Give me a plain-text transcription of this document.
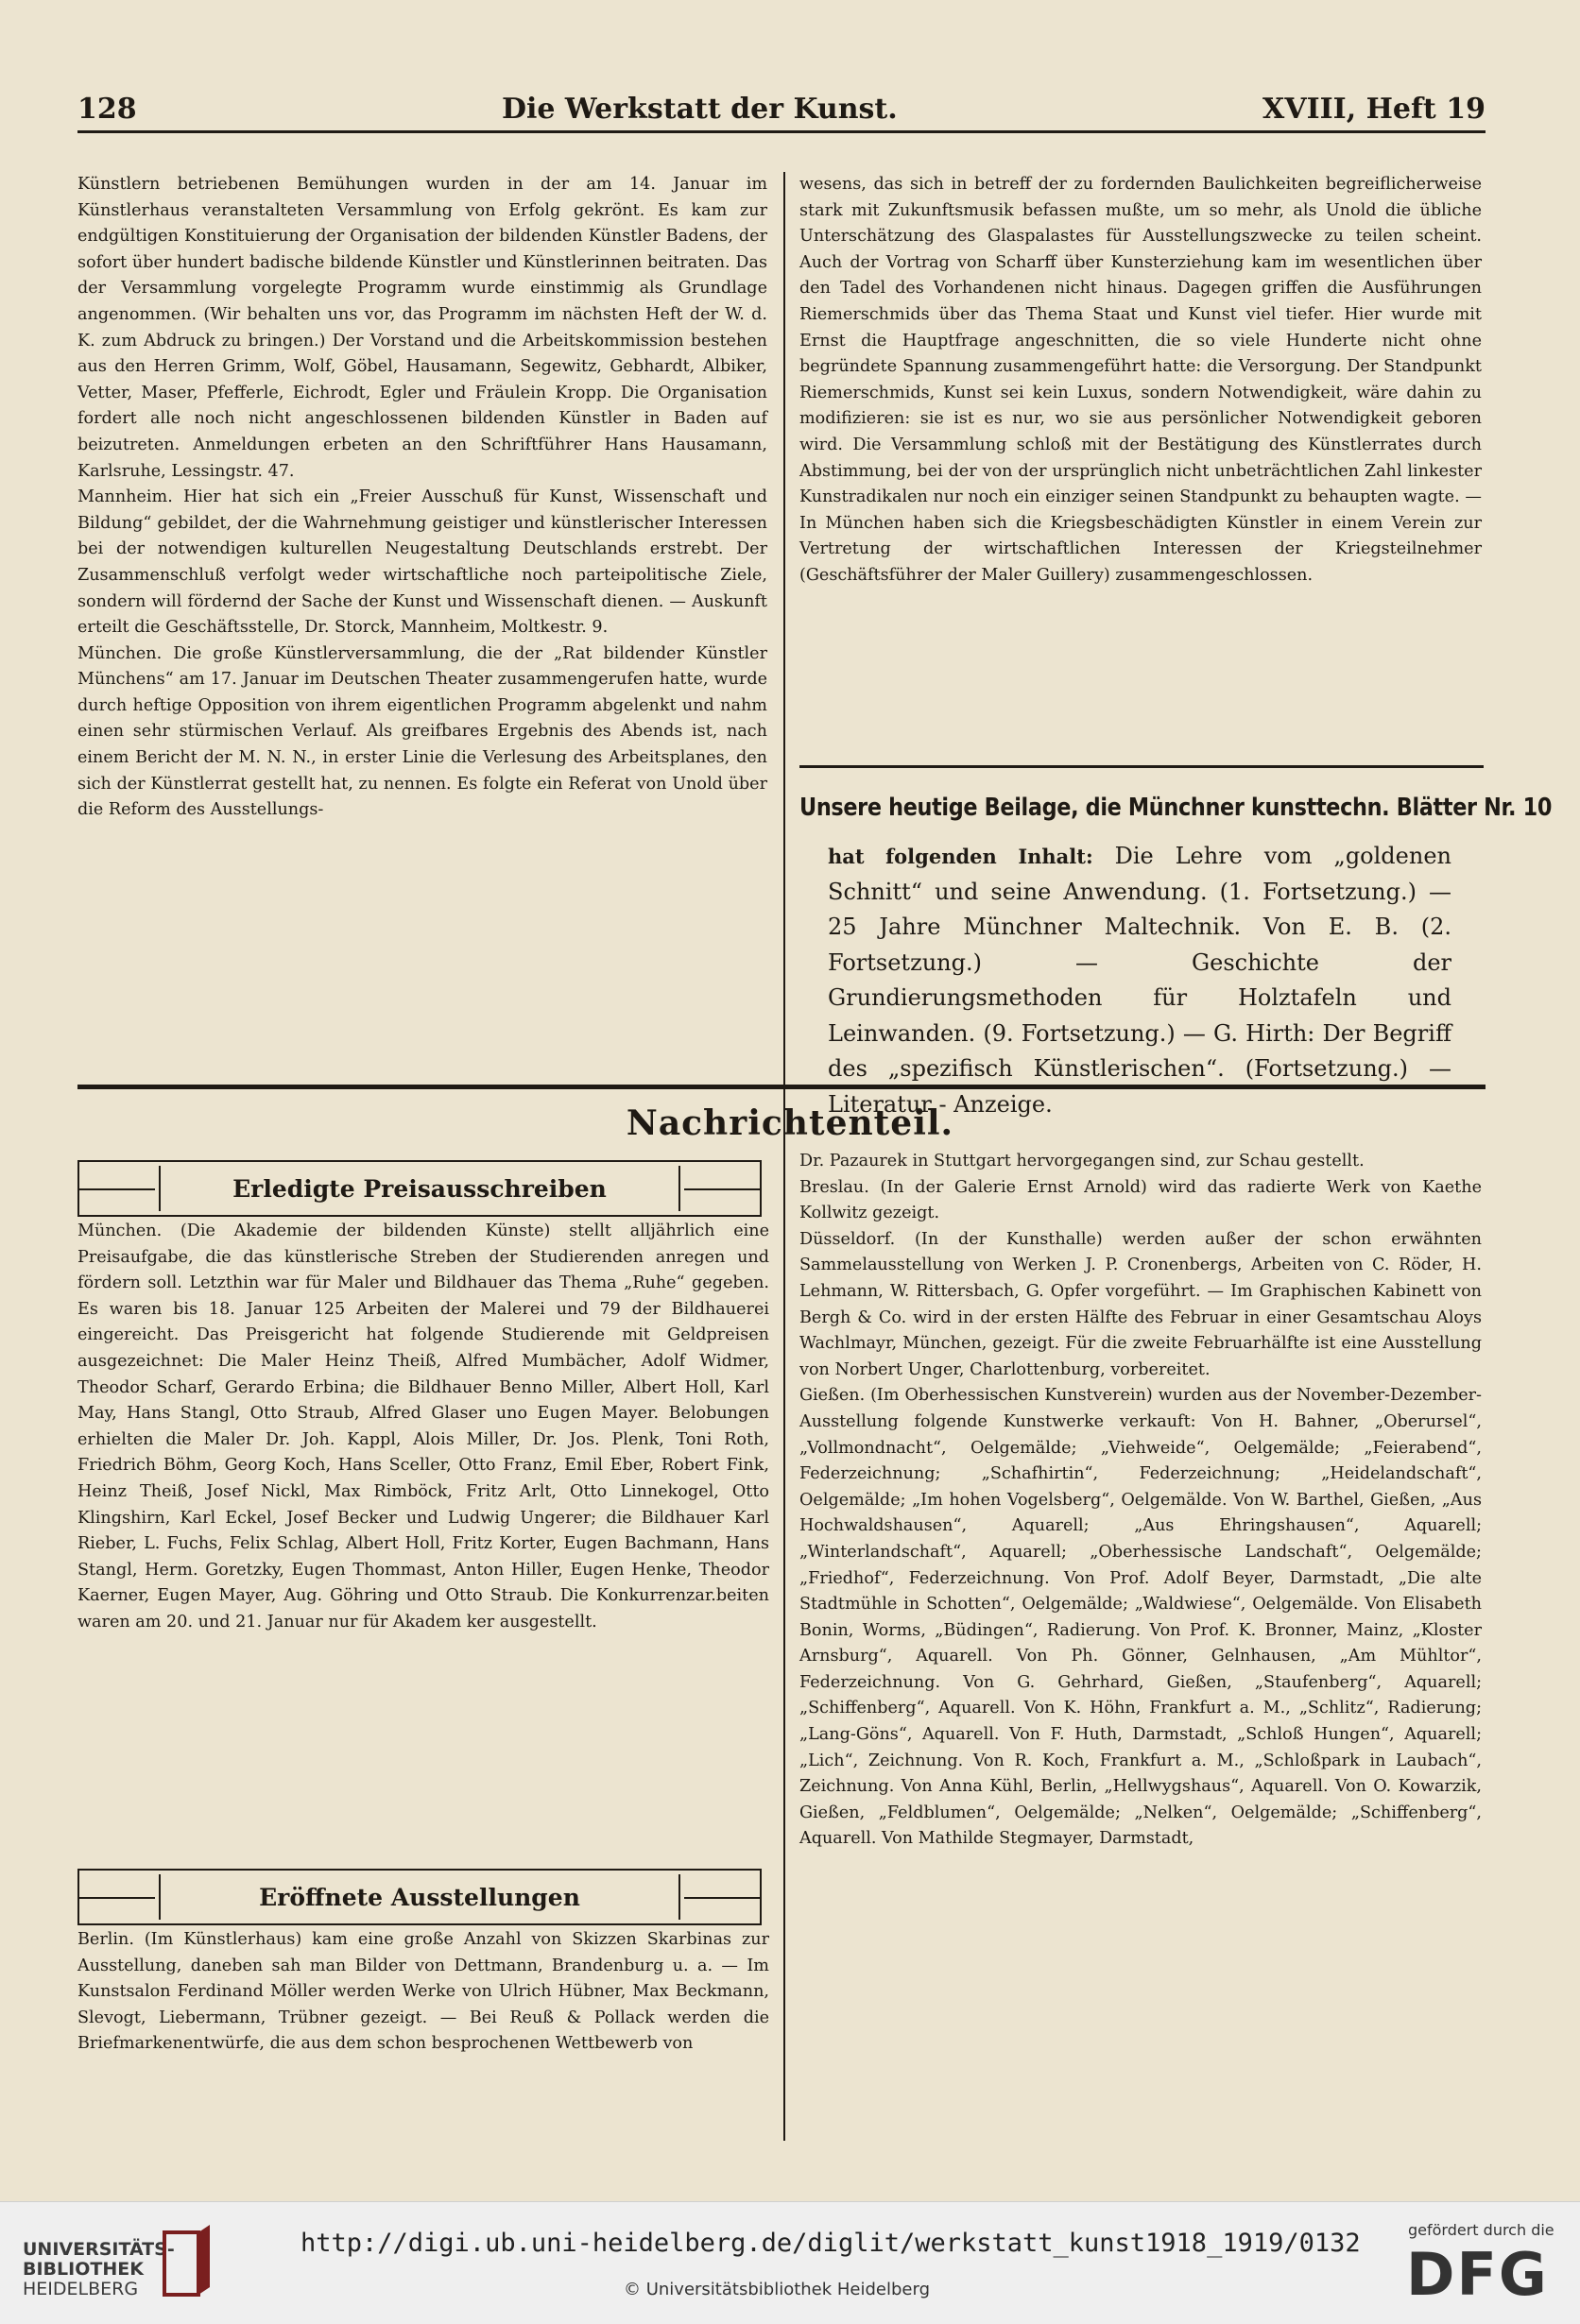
128	Die Werkstatt der Kunst.	XVIII, Heft 19

Künstlern betriebenen Bemühungen wurden in der am 14. Januar im Künstlerhaus veranstalteten Versammlung von Erfolg gekrönt. Es kam zur endgültigen Konstituierung der Organisation der bildenden Künstler Badens, der sofort über hundert badische bildende Künstler und Künstlerinnen beitraten. Das der Versammlung vorgelegte Programm wurde einstimmig als Grundlage angenommen. (Wir behalten uns vor, das Programm im nächsten Heft der W. d. K. zum Abdruck zu bringen.) Der Vorstand und die Arbeitskommission bestehen aus den Herren Grimm, Wolf, Göbel, Hausamann, Segewitz, Gebhardt, Albiker, Vetter, Maser, Pfefferle, Eichrodt, Egler und Fräulein Kropp. Die Organisation fordert alle noch nicht angeschlossenen bildenden Künstler in Baden auf beizutreten. Anmeldungen erbeten an den Schriftführer Hans Hausamann, Karlsruhe, Lessingstr. 47.

Mannheim. Hier hat sich ein „Freier Ausschuß für Kunst, Wissenschaft und Bildung“ gebildet, der die Wahrnehmung geistiger und künstlerischer Interessen bei der notwendigen kulturellen Neugestaltung Deutschlands erstrebt. Der Zusammenschluß verfolgt weder wirtschaftliche noch parteipolitische Ziele, sondern will fördernd der Sache der Kunst und Wissenschaft dienen. — Auskunft erteilt die Geschäftsstelle, Dr. Storck, Mannheim, Moltkestr. 9.

München. Die große Künstlerversammlung, die der „Rat bildender Künstler Münchens“ am 17. Januar im Deutschen Theater zusammengerufen hatte, wurde durch heftige Opposition von ihrem eigentlichen Programm abgelenkt und nahm einen sehr stürmischen Verlauf. Als greifbares Ergebnis des Abends ist, nach einem Bericht der M. N. N., in erster Linie die Verlesung des Arbeitsplanes, den sich der Künstlerrat gestellt hat, zu nennen. Es folgte ein Referat von Unold über die Reform des Ausstellungs-

wesens, das sich in betreff der zu fordernden Baulichkeiten begreiflicherweise stark mit Zukunftsmusik befassen mußte, um so mehr, als Unold die übliche Unterschätzung des Glaspalastes für Ausstellungszwecke zu teilen scheint. Auch der Vortrag von Scharff über Kunsterziehung kam im wesentlichen über den Tadel des Vorhandenen nicht hinaus. Dagegen griffen die Ausführungen Riemerschmids über das Thema Staat und Kunst viel tiefer. Hier wurde mit Ernst die Hauptfrage angeschnitten, die so viele Hunderte nicht ohne begründete Spannung zusammengeführt hatte: die Versorgung. Der Standpunkt Riemerschmids, Kunst sei kein Luxus, sondern Notwendigkeit, wäre dahin zu modifizieren: sie ist es nur, wo sie aus persönlicher Notwendigkeit geboren wird. Die Versammlung schloß mit der Bestätigung des Künstlerrates durch Abstimmung, bei der von der ursprünglich nicht unbeträchtlichen Zahl linkester Kunstradikalen nur noch ein einziger seinen Standpunkt zu behaupten wagte. — In München haben sich die Kriegsbeschädigten Künstler in einem Verein zur Vertretung der wirtschaftlichen Interessen der Kriegsteilnehmer (Geschäftsführer der Maler Guillery) zusammengeschlossen.

Unsere heutige Beilage, die Münchner kunsttechn. Blätter Nr. 10
hat folgenden Inhalt: Die Lehre vom „goldenen Schnitt“ und seine Anwendung. (1. Fortsetzung.) — 25 Jahre Münchner Maltechnik. Von E. B. (2. Fortsetzung.) — Geschichte der Grundierungsmethoden für Holztafeln und Leinwanden. (9. Fortsetzung.) — G. Hirth: Der Begriff des „spezifisch Künstlerischen“. (Fortsetzung.) — Literatur - Anzeige.
Nachrichtenteil.
Erledigte Preisausschreiben

München. (Die Akademie der bildenden Künste) stellt alljährlich eine Preisaufgabe, die das künstlerische Streben der Studierenden anregen und fördern soll. Letzthin war für Maler und Bildhauer das Thema „Ruhe“ gegeben. Es waren bis 18. Januar 125 Arbeiten der Malerei und 79 der Bildhauerei eingereicht. Das Preisgericht hat folgende Studierende mit Geldpreisen ausgezeichnet: Die Maler Heinz Theiß, Alfred Mumbächer, Adolf Widmer, Theodor Scharf, Gerardo Erbina; die Bildhauer Benno Miller, Albert Holl, Karl May, Hans Stangl, Otto Straub, Alfred Glaser uno Eugen Mayer. Belobungen erhielten die Maler Dr. Joh. Kappl, Alois Miller, Dr. Jos. Plenk, Toni Roth, Friedrich Böhm, Georg Koch, Hans Sceller, Otto Franz, Emil Eber, Robert Fink, Heinz Theiß, Josef Nickl, Max Rimböck, Fritz Arlt, Otto Linnekogel, Otto Klingshirn, Karl Eckel, Josef Becker und Ludwig Ungerer; die Bildhauer Karl Rieber, L. Fuchs, Felix Schlag, Albert Holl, Fritz Korter, Eugen Bachmann, Hans Stangl, Herm. Goretzky, Eugen Thommast, Anton Hiller, Eugen Henke, Theodor Kaerner, Eugen Mayer, Aug. Göhring und Otto Straub. Die Konkurrenzar.beiten waren am 20. und 21. Januar nur für Akadem ker ausgestellt.

Eröffnete Ausstellungen

Berlin. (Im Künstlerhaus) kam eine große Anzahl von Skizzen Skarbinas zur Ausstellung, daneben sah man Bilder von Dettmann, Brandenburg u. a. — Im Kunstsalon Ferdinand Möller werden Werke von Ulrich Hübner, Max Beckmann, Slevogt, Liebermann, Trübner gezeigt. — Bei Reuß & Pollack werden die Briefmarkenentwürfe, die aus dem schon besprochenen Wettbewerb von

Dr. Pazaurek in Stuttgart hervorgegangen sind, zur Schau gestellt.

Breslau. (In der Galerie Ernst Arnold) wird das radierte Werk von Kaethe Kollwitz gezeigt.

Düsseldorf. (In der Kunsthalle) werden außer der schon erwähnten Sammelausstellung von Werken J. P. Cronenbergs, Arbeiten von C. Röder, H. Lehmann, W. Rittersbach, G. Opfer vorgeführt. — Im Graphischen Kabinett von Bergh & Co. wird in der ersten Hälfte des Februar in einer Gesamtschau Aloys Wachlmayr, München, gezeigt. Für die zweite Februarhälfte ist eine Ausstellung von Norbert Unger, Charlottenburg, vorbereitet.

Gießen. (Im Oberhessischen Kunstverein) wurden aus der November-Dezember-Ausstellung folgende Kunstwerke verkauft: Von H. Bahner, „Oberursel“, „Vollmondnacht“, Oelgemälde; „Viehweide“, Oelgemälde; „Feierabend“, Federzeichnung; „Schafhirtin“, Federzeichnung; „Heidelandschaft“, Oelgemälde; „Im hohen Vogelsberg“, Oelgemälde. Von W. Barthel, Gießen, „Aus Hochwaldshausen“, Aquarell; „Aus Ehringshausen“, Aquarell; „Winterlandschaft“, Aquarell; „Oberhessische Landschaft“, Oelgemälde; „Friedhof“, Federzeichnung. Von Prof. Adolf Beyer, Darmstadt, „Die alte Stadtmühle in Schotten“, Oelgemälde; „Waldwiese“, Oelgemälde. Von Elisabeth Bonin, Worms, „Büdingen“, Radierung. Von Prof. K. Bronner, Mainz, „Kloster Arnsburg“, Aquarell. Von Ph. Gönner, Gelnhausen, „Am Mühltor“, Federzeichnung. Von G. Gehrhard, Gießen, „Staufenberg“, Aquarell; „Schiffenberg“, Aquarell. Von K. Höhn, Frankfurt a. M., „Schlitz“, Radierung; „Lang-Göns“, Aquarell. Von F. Huth, Darmstadt, „Schloß Hungen“, Aquarell; „Lich“, Zeichnung. Von R. Koch, Frankfurt a. M., „Schloßpark in Laubach“, Zeichnung. Von Anna Kühl, Berlin, „Hellwygshaus“, Aquarell. Von O. Kowarzik, Gießen, „Feldblumen“, Oelgemälde; „Nelken“, Oelgemälde; „Schiffenberg“, Aquarell. Von Mathilde Stegmayer, Darmstadt,

UNIVERSITÄTS-
BIBLIOTHEK
HEIDELBERG
http://digi.ub.uni-heidelberg.de/diglit/werkstatt_kunst1918_1919/0132
© Universitätsbibliothek Heidelberg
gefördert durch die
DFG
